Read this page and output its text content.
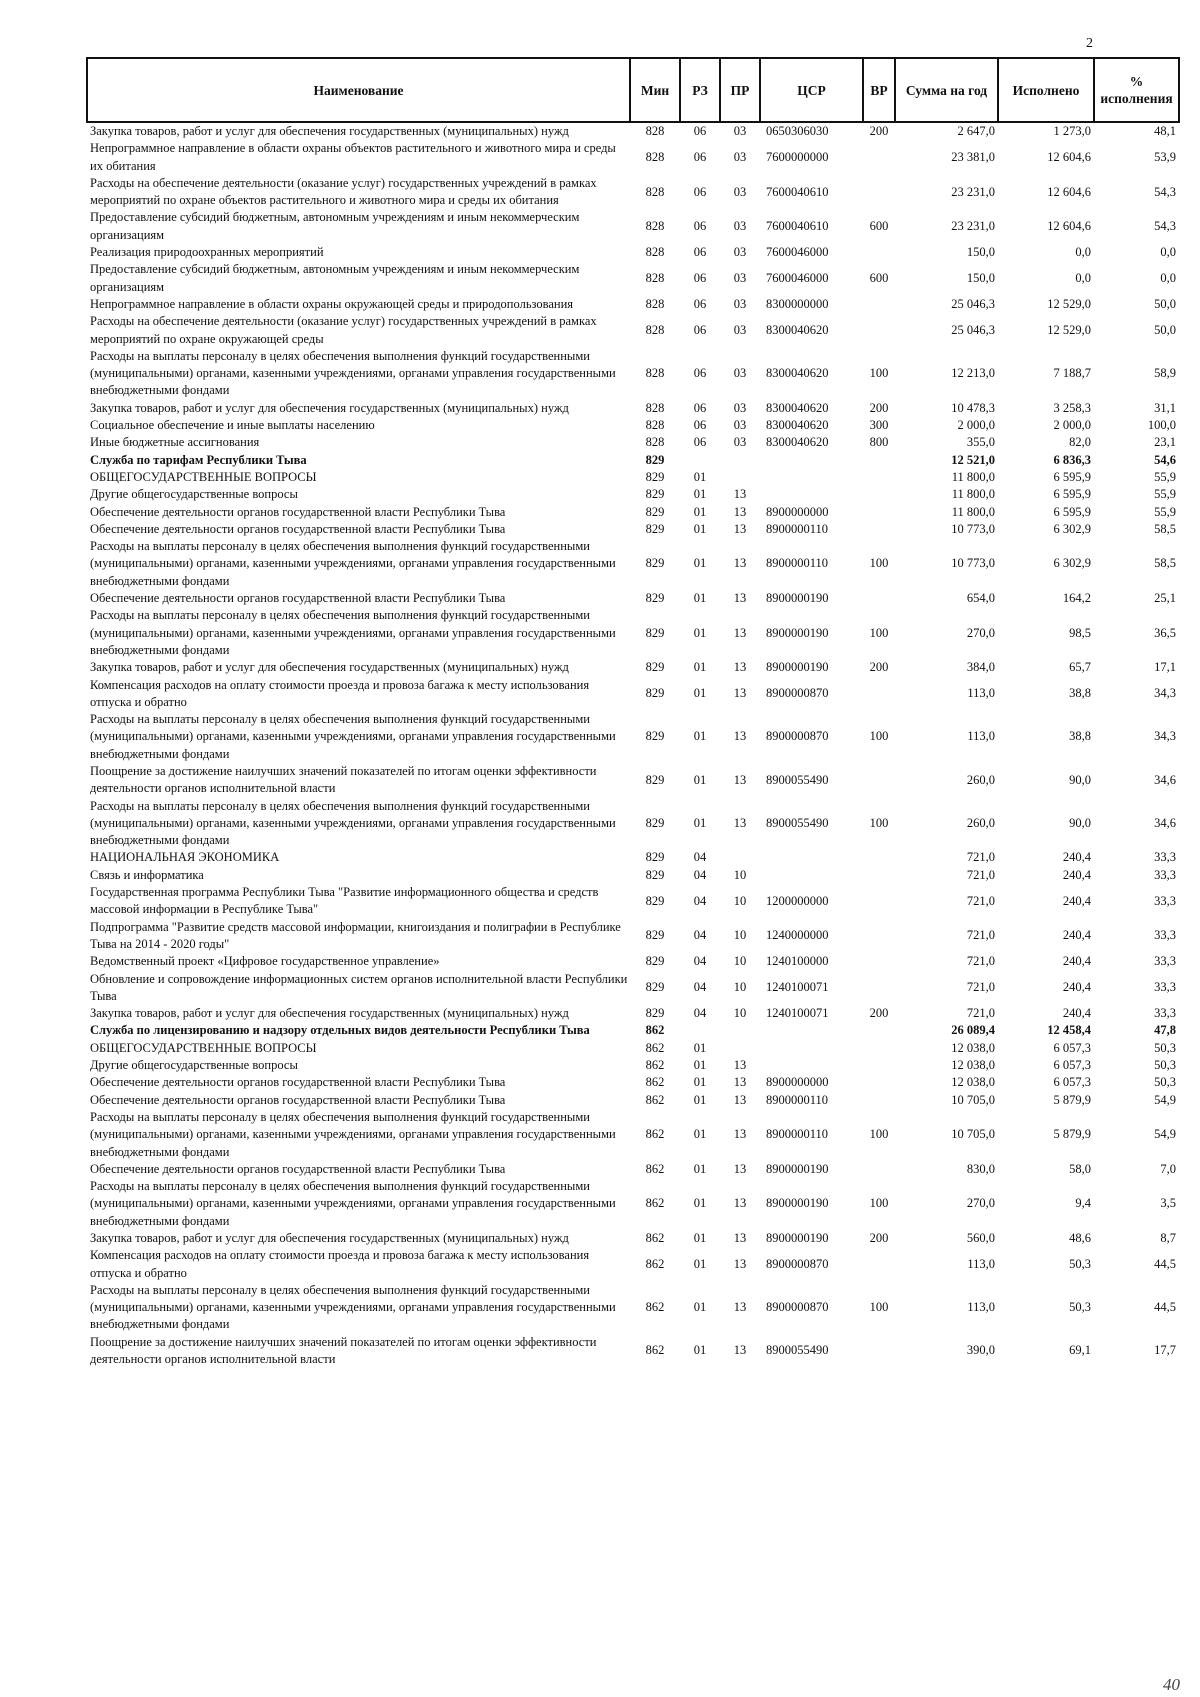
2
Наименование	Мин	РЗ	ПР	ЦСР	ВР	Сумма на год	Исполнено	% исполнения
Закупка товаров, работ и услуг для обеспечения государственных (муниципальных) нужд	828	06	03	0650306030	200	2 647,0	1 273,0	48,1
Непрограммное направление в области охраны объектов растительного и животного мира и среды их обитания	828	06	03	7600000000		23 381,0	12 604,6	53,9
Расходы на обеспечение деятельности (оказание услуг) государственных учреждений в рамках мероприятий по охране объектов растительного и животного мира и среды их обитания	828	06	03	7600040610		23 231,0	12 604,6	54,3
Предоставление субсидий бюджетным, автономным учреждениям и иным некоммерческим организациям	828	06	03	7600040610	600	23 231,0	12 604,6	54,3
Реализация природоохранных мероприятий	828	06	03	7600046000		150,0	0,0	0,0
Предоставление субсидий бюджетным, автономным учреждениям и иным некоммерческим организациям	828	06	03	7600046000	600	150,0	0,0	0,0
Непрограммное направление в области охраны окружающей среды и природопользования	828	06	03	8300000000		25 046,3	12 529,0	50,0
Расходы на обеспечение деятельности (оказание услуг) государственных учреждений в рамках мероприятий по охране окружающей среды	828	06	03	8300040620		25 046,3	12 529,0	50,0
Расходы на выплаты персоналу в целях обеспечения выполнения функций государственными (муниципальными) органами, казенными учреждениями, органами управления государственными внебюджетными фондами	828	06	03	8300040620	100	12 213,0	7 188,7	58,9
Закупка товаров, работ и услуг для обеспечения государственных (муниципальных) нужд	828	06	03	8300040620	200	10 478,3	3 258,3	31,1
Социальное обеспечение и иные выплаты населению	828	06	03	8300040620	300	2 000,0	2 000,0	100,0
Иные бюджетные ассигнования	828	06	03	8300040620	800	355,0	82,0	23,1
Служба по тарифам Республики Тыва	829					12 521,0	6 836,3	54,6
ОБЩЕГОСУДАРСТВЕННЫЕ ВОПРОСЫ	829	01				11 800,0	6 595,9	55,9
Другие общегосударственные вопросы	829	01	13			11 800,0	6 595,9	55,9
Обеспечение деятельности органов государственной власти Республики Тыва	829	01	13	8900000000		11 800,0	6 595,9	55,9
Обеспечение деятельности органов государственной власти Республики Тыва	829	01	13	8900000110		10 773,0	6 302,9	58,5
Расходы на выплаты персоналу в целях обеспечения выполнения функций государственными (муниципальными) органами, казенными учреждениями, органами управления государственными внебюджетными фондами	829	01	13	8900000110	100	10 773,0	6 302,9	58,5
Обеспечение деятельности органов государственной власти Республики Тыва	829	01	13	8900000190		654,0	164,2	25,1
Расходы на выплаты персоналу в целях обеспечения выполнения функций государственными (муниципальными) органами, казенными учреждениями, органами управления государственными внебюджетными фондами	829	01	13	8900000190	100	270,0	98,5	36,5
Закупка товаров, работ и услуг для обеспечения государственных (муниципальных) нужд	829	01	13	8900000190	200	384,0	65,7	17,1
Компенсация расходов на оплату стоимости проезда и провоза багажа к месту использования отпуска и обратно	829	01	13	8900000870		113,0	38,8	34,3
Расходы на выплаты персоналу в целях обеспечения выполнения функций государственными (муниципальными) органами, казенными учреждениями, органами управления государственными внебюджетными фондами	829	01	13	8900000870	100	113,0	38,8	34,3
Поощрение за достижение наилучших значений показателей по итогам оценки эффективности деятельности органов исполнительной власти	829	01	13	8900055490		260,0	90,0	34,6
Расходы на выплаты персоналу в целях обеспечения выполнения функций государственными (муниципальными) органами, казенными учреждениями, органами управления государственными внебюджетными фондами	829	01	13	8900055490	100	260,0	90,0	34,6
НАЦИОНАЛЬНАЯ ЭКОНОМИКА	829	04				721,0	240,4	33,3
Связь и информатика	829	04	10			721,0	240,4	33,3
Государственная программа Республики Тыва "Развитие информационного общества и средств массовой информации в Республике Тыва"	829	04	10	1200000000		721,0	240,4	33,3
Подпрограмма "Развитие средств массовой информации, книгоиздания и полиграфии в Республике Тыва на 2014 - 2020 годы"	829	04	10	1240000000		721,0	240,4	33,3
Ведомственный проект «Цифровое государственное управление»	829	04	10	1240100000		721,0	240,4	33,3
Обновление и сопровождение информационных систем органов исполнительной власти Республики Тыва	829	04	10	1240100071		721,0	240,4	33,3
Закупка товаров, работ и услуг для обеспечения государственных (муниципальных) нужд	829	04	10	1240100071	200	721,0	240,4	33,3
Служба по лицензированию и надзору отдельных видов деятельности Республики Тыва	862					26 089,4	12 458,4	47,8
ОБЩЕГОСУДАРСТВЕННЫЕ ВОПРОСЫ	862	01				12 038,0	6 057,3	50,3
Другие общегосударственные вопросы	862	01	13			12 038,0	6 057,3	50,3
Обеспечение деятельности органов государственной власти Республики Тыва	862	01	13	8900000000		12 038,0	6 057,3	50,3
Обеспечение деятельности органов государственной власти Республики Тыва	862	01	13	8900000110		10 705,0	5 879,9	54,9
Расходы на выплаты персоналу в целях обеспечения выполнения функций государственными (муниципальными) органами, казенными учреждениями, органами управления государственными внебюджетными фондами	862	01	13	8900000110	100	10 705,0	5 879,9	54,9
Обеспечение деятельности органов государственной власти Республики Тыва	862	01	13	8900000190		830,0	58,0	7,0
Расходы на выплаты персоналу в целях обеспечения выполнения функций государственными (муниципальными) органами, казенными учреждениями, органами управления государственными внебюджетными фондами	862	01	13	8900000190	100	270,0	9,4	3,5
Закупка товаров, работ и услуг для обеспечения государственных (муниципальных) нужд	862	01	13	8900000190	200	560,0	48,6	8,7
Компенсация расходов на оплату стоимости проезда и провоза багажа к месту использования отпуска и обратно	862	01	13	8900000870		113,0	50,3	44,5
Расходы на выплаты персоналу в целях обеспечения выполнения функций государственными (муниципальными) органами, казенными учреждениями, органами управления государственными внебюджетными фондами	862	01	13	8900000870	100	113,0	50,3	44,5
Поощрение за достижение наилучших значений показателей по итогам оценки эффективности деятельности органов исполнительной власти	862	01	13	8900055490		390,0	69,1	17,7
40
